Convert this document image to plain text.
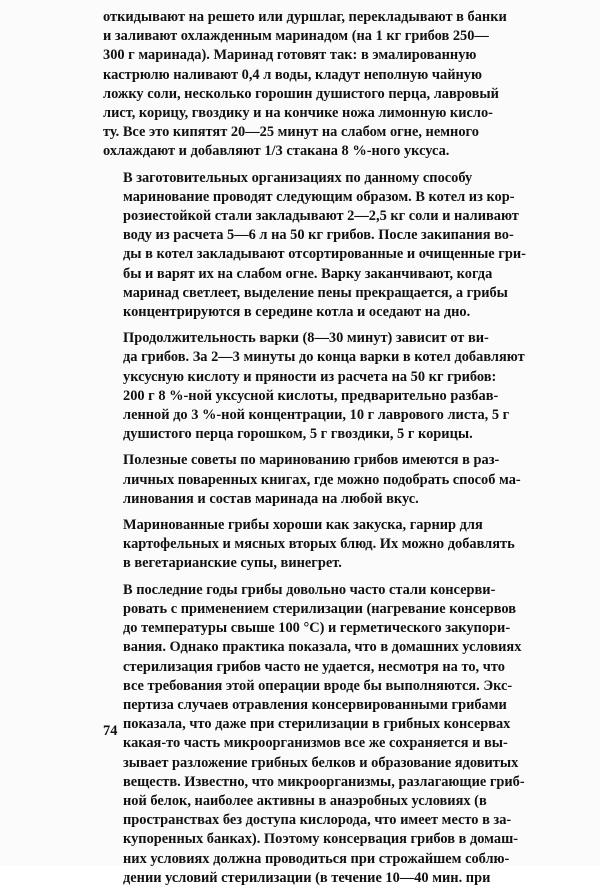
откидывают на решето или дуршлаг, перекладывают в банки
и заливают охлажденным маринадом (на 1 кг грибов 250—
300 г маринада). Маринад готовят так: в эмалированную
кастрюлю наливают 0,4 л воды, кладут неполную чайную
ложку соли, несколько горошин душистого перца, лавровый
лист, корицу, гвоздику и на кончике ножа лимонную кисло-
ту. Все это кипятят 20—25 минут на слабом огне, немного
охлаждают и добавляют 1/3 стакана 8 %-ного уксуса.

В заготовительных организациях по данному способу
маринование проводят следующим образом. В котел из кор-
розиестойкой стали закладывают 2—2,5 кг соли и наливают
воду из расчета 5—6 л на 50 кг грибов. После закипания во-
ды в котел закладывают отсортированные и очищенные гри-
бы и варят их на слабом огне. Варку заканчивают, когда
маринад светлеет, выделение пены прекращается, а грибы
концентрируются в середине котла и оседают на дно.

Продолжительность варки (8—30 минут) зависит от ви-
да грибов. За 2—3 минуты до конца варки в котел добавляют
уксусную кислоту и пряности из расчета на 50 кг грибов:
200 г 8 %-ной уксусной кислоты, предварительно разбав-
ленной до 3 %-ной концентрации, 10 г лаврового листа, 5 г
душистого перца горошком, 5 г гвоздики, 5 г корицы.

Полезные советы по маринованию грибов имеются в раз-
личных поваренных книгах, где можно подобрать способ ма-
линования и состав маринада на любой вкус.

Маринованные грибы хороши как закуска, гарнир для
картофельных и мясных вторых блюд. Их можно добавлять
в вегетарианские супы, винегрет.

В последние годы грибы довольно часто стали консерви-
ровать с применением стерилизации (нагревание консервов
до температуры свыше 100 °С) и герметического закупори-
вания. Однако практика показала, что в домашних условиях
стерилизация грибов часто не удается, несмотря на то, что
все требования этой операции вроде бы выполняются. Экс-
пертиза случаев отравления консервированными грибами
показала, что даже при стерилизации в грибных консервах
какая-то часть микроорганизмов все же сохраняется и вы-
зывает разложение грибных белков и образование ядовитых
веществ. Известно, что микроорганизмы, разлагающие гриб-
ной белок, наиболее активны в анаэробных условиях (в
пространствах без доступа кислорода, что имеет место в за-
купоренных банках). Поэтому консервация грибов в домаш-
них условиях должна проводиться при строжайшем соблю-
дении условий стерилизации (в течение 10—40 мин. при

74
